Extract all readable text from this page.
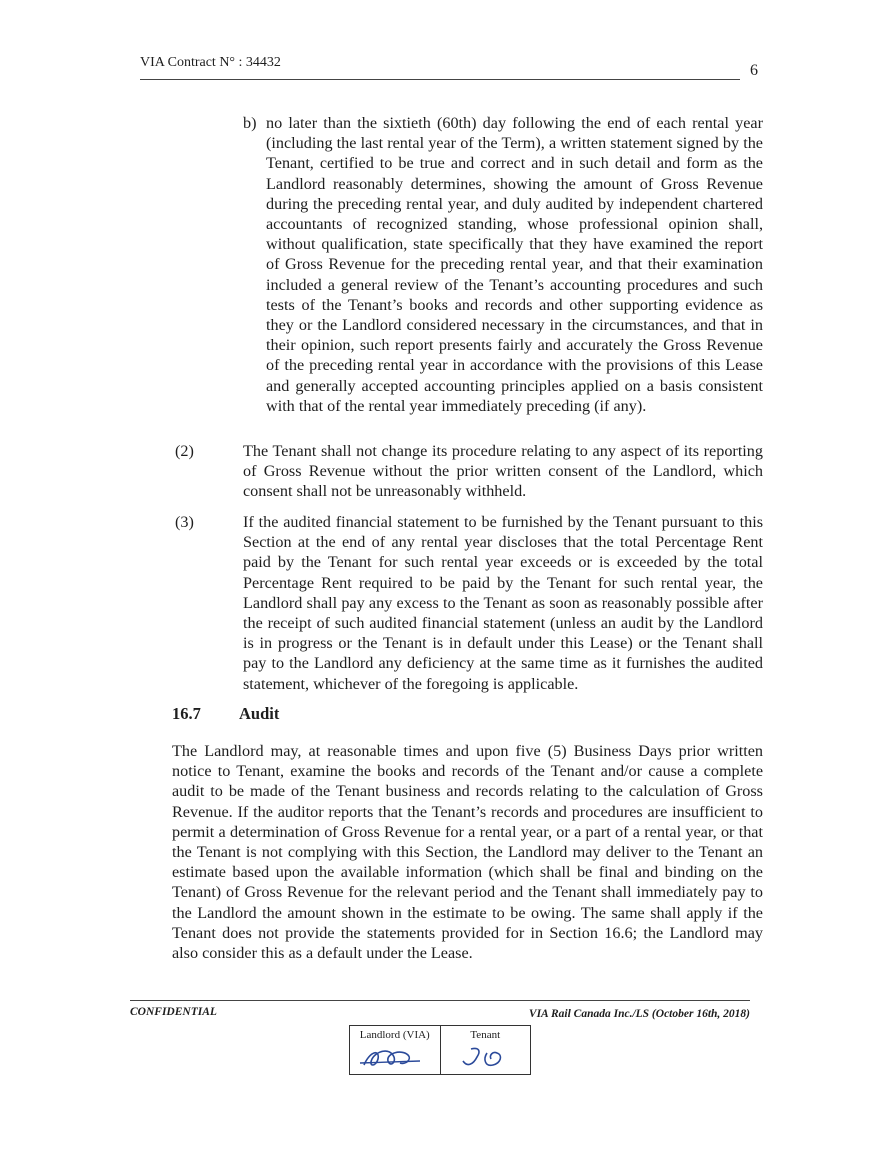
VIA Contract N° : 34432	6
b) no later than the sixtieth (60th) day following the end of each rental year (including the last rental year of the Term), a written statement signed by the Tenant, certified to be true and correct and in such detail and form as the Landlord reasonably determines, showing the amount of Gross Revenue during the preceding rental year, and duly audited by independent chartered accountants of recognized standing, whose professional opinion shall, without qualification, state specifically that they have examined the report of Gross Revenue for the preceding rental year, and that their examination included a general review of the Tenant’s accounting procedures and such tests of the Tenant’s books and records and other supporting evidence as they or the Landlord considered necessary in the circumstances, and that in their opinion, such report presents fairly and accurately the Gross Revenue of the preceding rental year in accordance with the provisions of this Lease and generally accepted accounting principles applied on a basis consistent with that of the rental year immediately preceding (if any).
(2)	The Tenant shall not change its procedure relating to any aspect of its reporting of Gross Revenue without the prior written consent of the Landlord, which consent shall not be unreasonably withheld.
(3)	If the audited financial statement to be furnished by the Tenant pursuant to this Section at the end of any rental year discloses that the total Percentage Rent paid by the Tenant for such rental year exceeds or is exceeded by the total Percentage Rent required to be paid by the Tenant for such rental year, the Landlord shall pay any excess to the Tenant as soon as reasonably possible after the receipt of such audited financial statement (unless an audit by the Landlord is in progress or the Tenant is in default under this Lease) or the Tenant shall pay to the Landlord any deficiency at the same time as it furnishes the audited statement, whichever of the foregoing is applicable.
16.7 Audit
The Landlord may, at reasonable times and upon five (5) Business Days prior written notice to Tenant, examine the books and records of the Tenant and/or cause a complete audit to be made of the Tenant business and records relating to the calculation of Gross Revenue. If the auditor reports that the Tenant’s records and procedures are insufficient to permit a determination of Gross Revenue for a rental year, or a part of a rental year, or that the Tenant is not complying with this Section, the Landlord may deliver to the Tenant an estimate based upon the available information (which shall be final and binding on the Tenant) of Gross Revenue for the relevant period and the Tenant shall immediately pay to the Landlord the amount shown in the estimate to be owing. The same shall apply if the Tenant does not provide the statements provided for in Section 16.6; the Landlord may also consider this as a default under the Lease.
CONFIDENTIAL	VIA Rail Canada Inc./LS (October 16th, 2018)
Landlord (VIA)	Tenant
